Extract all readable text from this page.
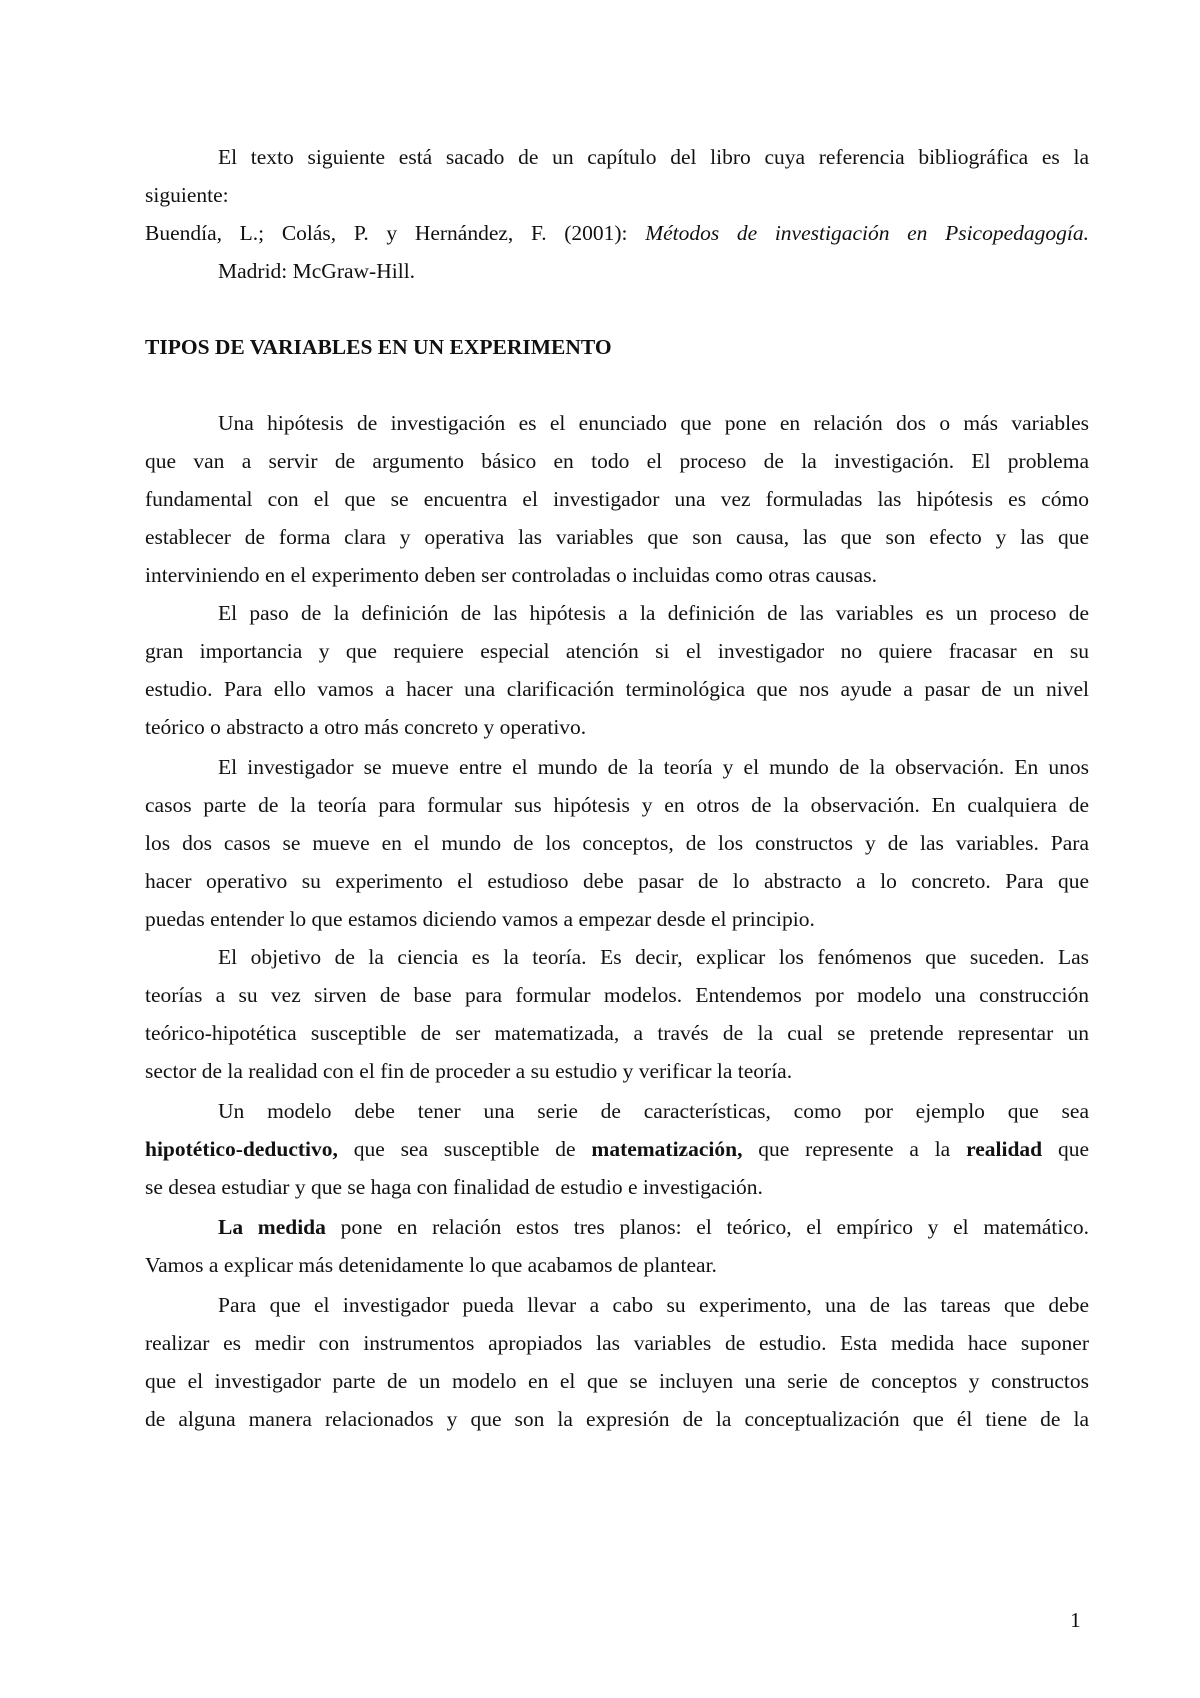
El texto siguiente está sacado de un capítulo del libro cuya referencia bibliográfica es la
siguiente:
Buendía, L.; Colás, P. y Hernández, F. (2001): Métodos de investigación en Psicopedagogía.
Madrid: McGraw-Hill.
TIPOS DE VARIABLES EN UN EXPERIMENTO
Una hipótesis de investigación es el enunciado que pone en relación dos o más variables
que van a servir de argumento básico en todo el proceso de la investigación. El problema
fundamental con el que se encuentra el investigador una vez formuladas las hipótesis es cómo
establecer de forma clara y operativa las variables que son causa, las que son efecto y las que
interviniendo en el experimento deben ser controladas o incluidas como otras causas.
El paso de la definición de las hipótesis a la definición de las variables es un proceso de
gran importancia y que requiere especial atención si el investigador no quiere fracasar en su
estudio. Para ello vamos a hacer una clarificación terminológica que nos ayude a pasar de un nivel
teórico o abstracto a otro más concreto y operativo.
El investigador se mueve entre el mundo de la teoría y el mundo de la observación. En unos
casos parte de la teoría para formular sus hipótesis y en otros de la observación. En cualquiera de
los dos casos se mueve en el mundo de los conceptos, de los constructos y de las variables. Para
hacer operativo su experimento el estudioso debe pasar de lo abstracto a lo concreto. Para que
puedas entender lo que estamos diciendo vamos a empezar desde el principio.
El objetivo de la ciencia es la teoría. Es decir, explicar los fenómenos que suceden. Las
teorías a su vez sirven de base para formular modelos. Entendemos por modelo una construcción
teórico-hipotética susceptible de ser matematizada, a través de la cual se pretende representar un
sector de la realidad con el fin de proceder a su estudio y verificar la teoría.
Un modelo debe tener una serie de características, como por ejemplo que sea
hipotético-deductivo, que sea susceptible de matematización, que represente a la realidad que
se desea estudiar y que se haga con finalidad de estudio e investigación.
La medida pone en relación estos tres planos: el teórico, el empírico y el matemático.
Vamos a explicar más detenidamente lo que acabamos de plantear.
Para que el investigador pueda llevar a cabo su experimento, una de las tareas que debe
realizar es medir con instrumentos apropiados las variables de estudio. Esta medida hace suponer
que el investigador parte de un modelo en el que se incluyen una serie de conceptos y constructos
de alguna manera relacionados y que son la expresión de la conceptualización que él tiene de la
1
